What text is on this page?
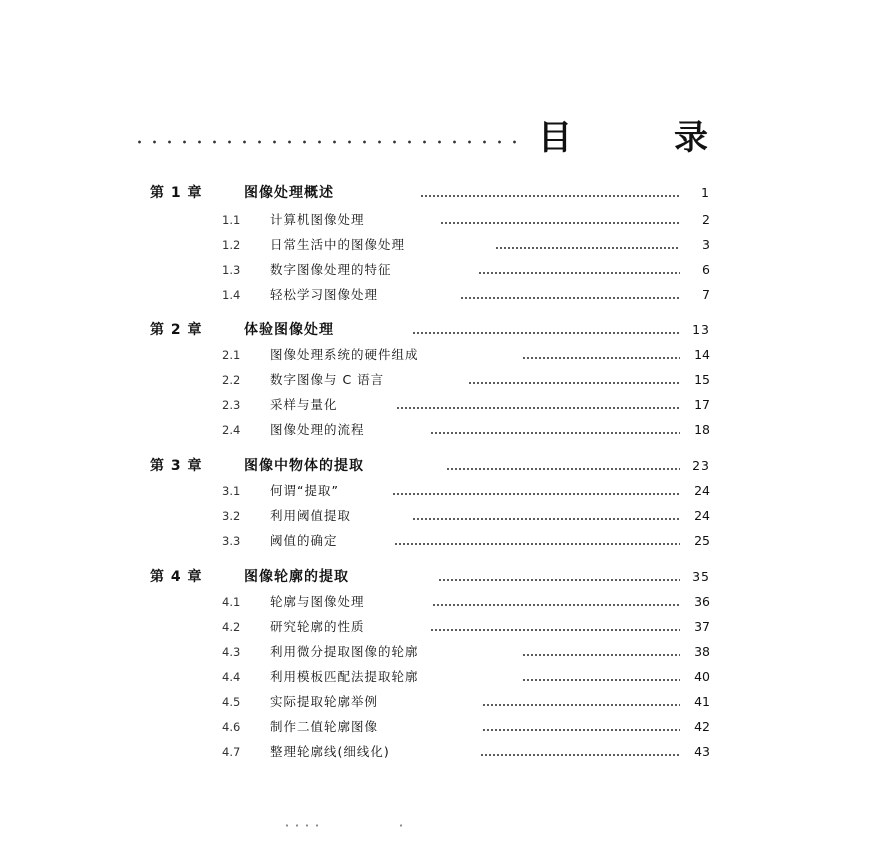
目	录
第 1 章	图像处理概述	1
1.1 计算机图像处理	2
1.2 日常生活中的图像处理	3
1.3 数字图像处理的特征	6
1.4 轻松学习图像处理	7
第 2 章	体验图像处理	13
2.1 图像处理系统的硬件组成	14
2.2 数字图像与 C 语言	15
2.3 采样与量化	17
2.4 图像处理的流程	18
第 3 章	图像中物体的提取	23
3.1 何谓“提取”	24
3.2 利用阈值提取	24
3.3 阈值的确定	25
第 4 章	图像轮廓的提取	35
4.1 轮廓与图像处理	36
4.2 研究轮廓的性质	37
4.3 利用微分提取图像的轮廓	38
4.4 利用模板匹配法提取轮廓	40
4.5 实际提取轮廓举例	41
4.6 制作二值轮廓图像	42
4.7 整理轮廓线(细线化)	43
